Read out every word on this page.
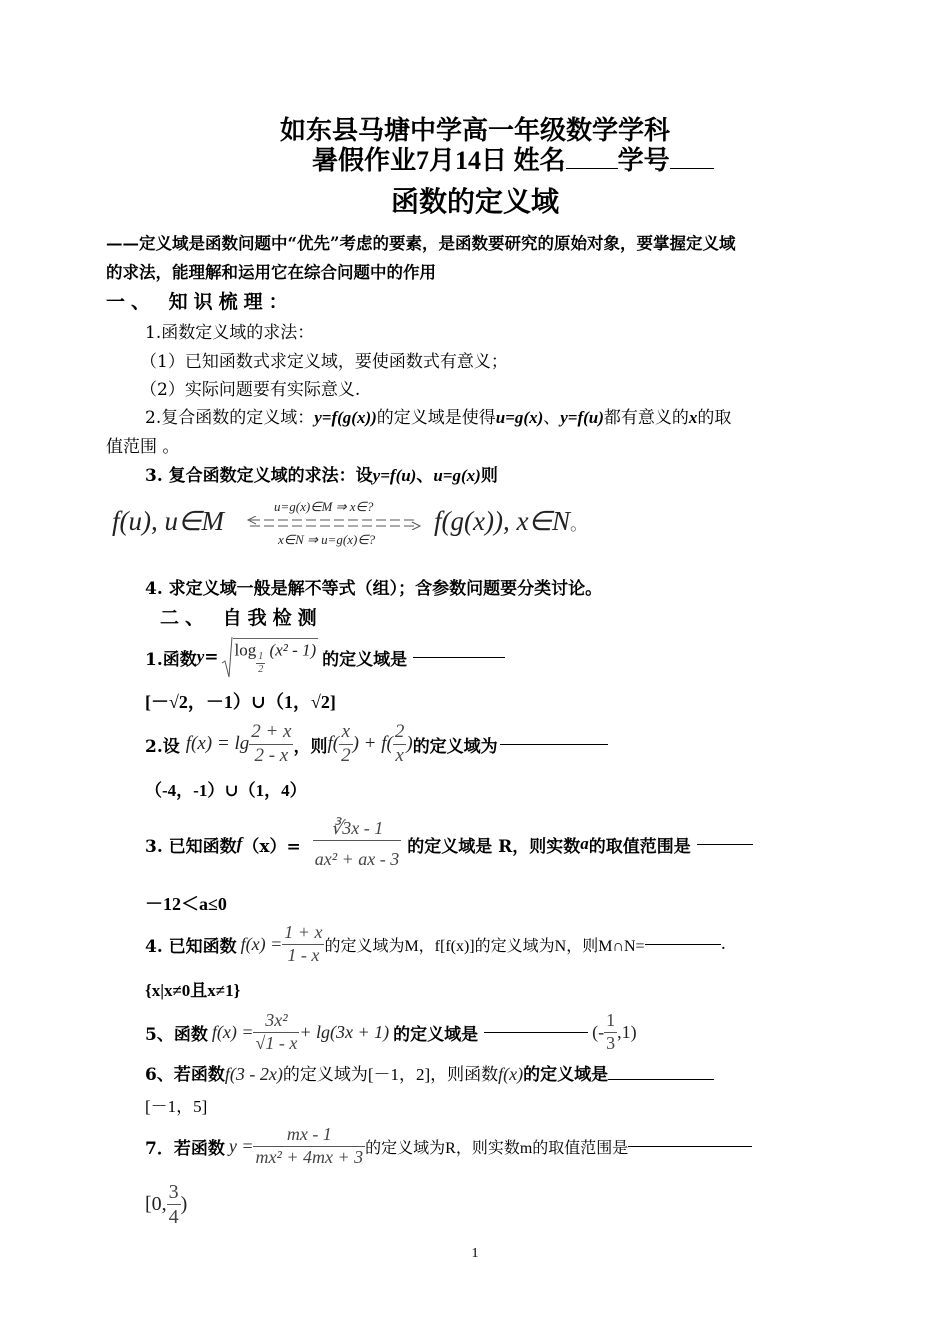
如东县马塘中学高一年级数学学科
暑假作业7月14日 姓名 学号
函数的定义域
——定义域是函数问题中“优先”考虑的要素，是函数要研究的原始对象，要掌握定义域
的求法，能理解和运用它在综合问题中的作用
一、 知识梳理：
1.函数定义域的求法：
（1）已知函数式求定义域，要使函数式有意义；
（2）实际问题要有实际意义.
2.复合函数的定义域：y=f(g(x))的定义域是使得u=g(x)、y=f(u)都有意义的x的取
值范围 。
3. 复合函数定义域的求法：设y=f(u)、u=g(x)则
f(u), u∈M	u=g(x)∈M ⇒ x∈?
x∈N ⇒ u=g(x)∈?
f(g(x)), x∈N。
4. 求定义域一般是解不等式（组）；含参数问题要分类讨论。
二、 自我检测
1.函数 y = log
$\frac{1}{2}$
(x² - 1) 的定义域是
[－√2，－1）∪（1，√2]
2.设 $f(x) = \lg \frac{2 + x}{2 - x}$ ，则 $f( \frac{x}{2}$ ) + $f( \frac{2}{x}$ ) 的定义域为
（-4，-1）∪（1，4）
3. 已知函数 f $(x)= \frac{∛3x - 1}{\text{ax² + ax - 3}}$ 的定义域是 R，则实数 a 的取值范围是
－12＜a≤0
4. 已知函数 $f(x) = \frac{1 + x}{1 - x}$ 的定义域为M，f[f(x)]的定义域为N，则M∩N=	.
{x|x≠0且x≠1}
5、函数 $f(x) = \frac{\text{3x²}}{√1 - x} + \lg(3x + 1)$ 的定义域是	(- $\frac{1}{3} ,1$)
6、若函数f(3 - 2x)的定义域为[－1，2]，则函数f(x)的定义域是
[－1，5]
7．若函数 $y = \frac{mx - 1}{\text{mx² + 4mx + 3}}$ 的定义域为R，则实数m的取值范围是
[0, $\frac{3}{4}$ )
1
